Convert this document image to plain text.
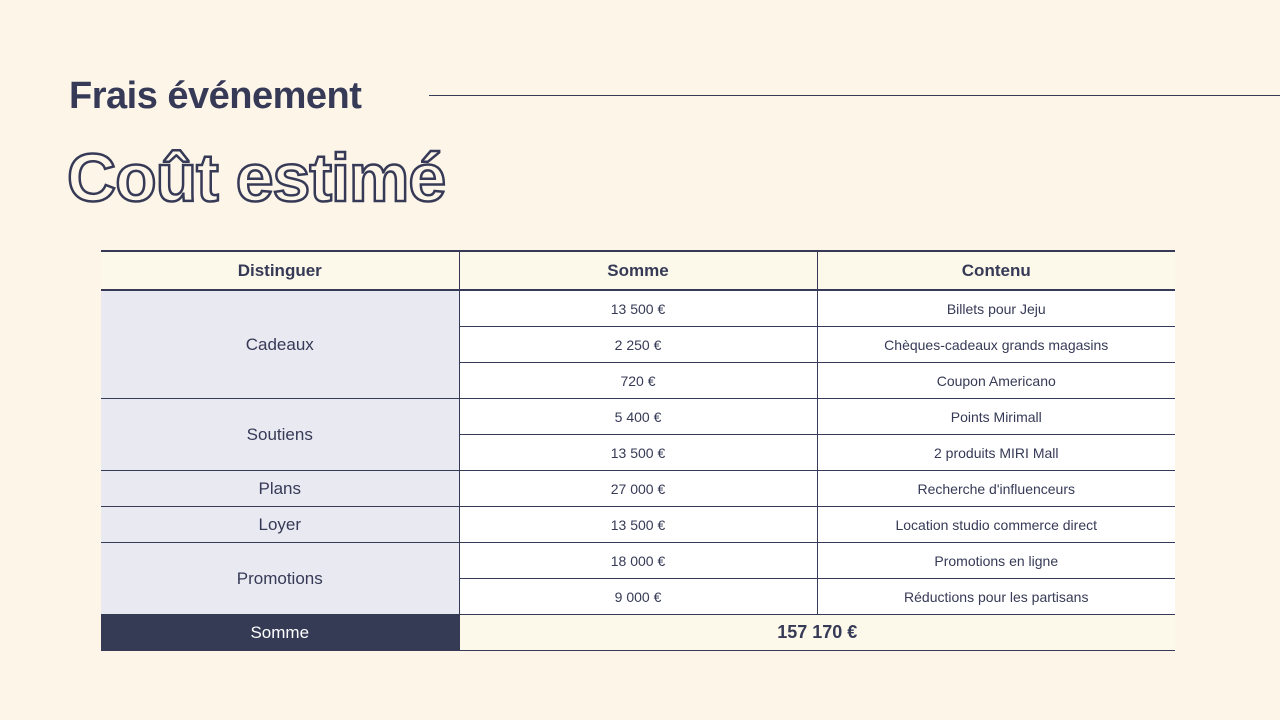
Frais événement
Coût estimé
Distinguer	Somme	Contenu
Cadeaux	13 500 €	Billets pour Jeju
	2 250 €	Chèques-cadeaux grands magasins
	720 €	Coupon Americano
Soutiens	5 400 €	Points Mirimall
	13 500 €	2 produits MIRI Mall
Plans	27 000 €	Recherche d'influenceurs
Loyer	13 500 €	Location studio commerce direct
Promotions	18 000 €	Promotions en ligne
	9 000 €	Réductions pour les partisans
Somme	157 170 €	
